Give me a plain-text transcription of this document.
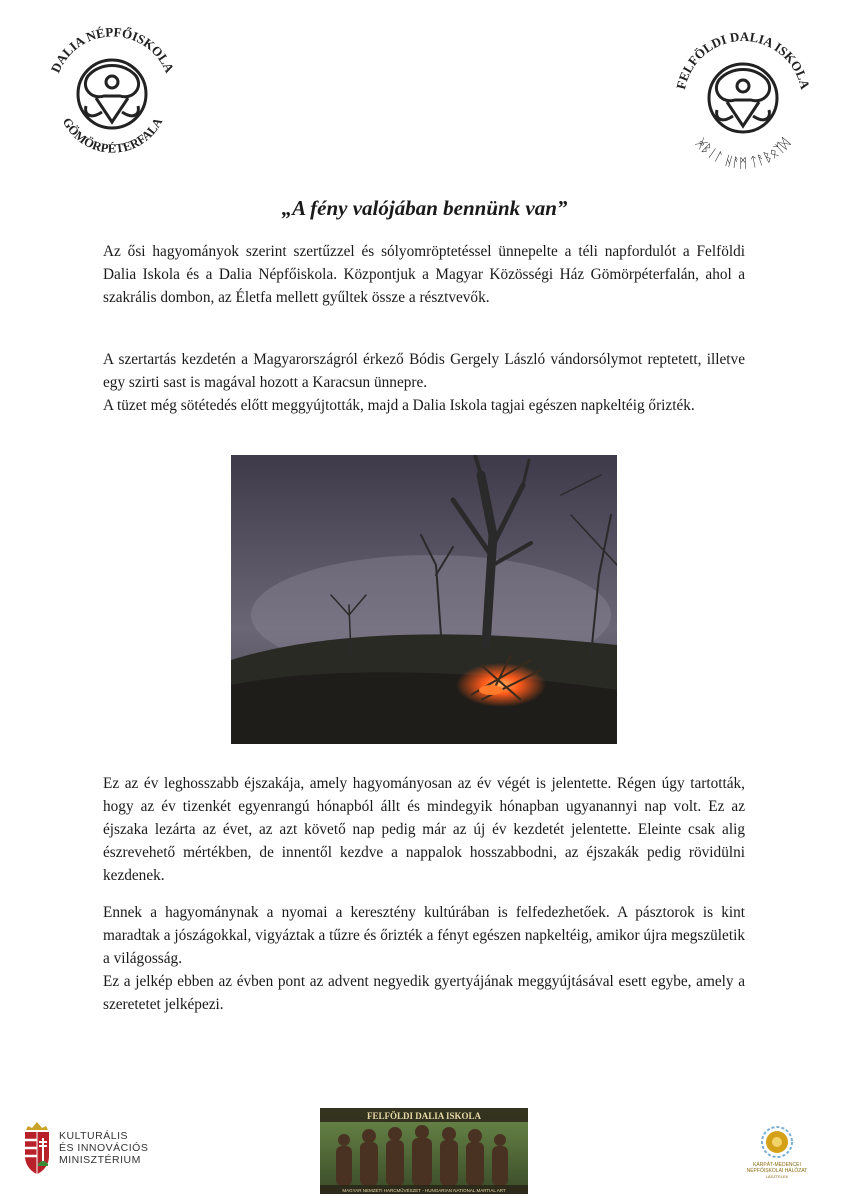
DALIA NÉPFŐISKOLA
GÖMÖRPÉTERFALA
FELFÖLDI DALIA ISKOLA
ᚸᛒᛁᛚ ᚺᚨᛗ ᛏᚨᛒᛟᛉᛞ
„A fény valójában bennünk van”

Az ősi hagyományok szerint szertűzzel és sólyomröptetéssel ünnepelte a téli napfordulót a Felföldi Dalia Iskola és a Dalia Népfőiskola. Központjuk a Magyar Közösségi Ház Gömörpéterfalán, ahol a szakrális dombon, az Életfa mellett gyűltek össze a résztvevők.

A szertartás kezdetén a Magyarországról érkező Bódis Gergely László vándorsólymot reptetett, illetve egy szirti sast is magával hozott a Karacsun ünnepre.
A tüzet még sötétedés előtt meggyújtották, majd a Dalia Iskola tagjai egészen napkeltéig őrizték.

Ez az év leghosszabb éjszakája, amely hagyományosan az év végét is jelentette. Régen úgy tartották, hogy az év tizenkét egyenrangú hónapból állt és mindegyik hónapban ugyanannyi nap volt. Ez az éjszaka lezárta az évet, az azt követő nap pedig már az új év kezdetét jelentette. Eleinte csak alig észrevehető mértékben, de innentől kezdve a nappalok hosszabbodni, az éjszakák pedig rövidülni kezdenek.

Ennek a hagyománynak a nyomai a keresztény kultúrában is felfedezhetőek. A pásztorok is kint maradtak a jószágokkal, vigyáztak a tűzre és őrizték a fényt egészen napkeltéig, amikor újra megszületik a világosság.
Ez a jelkép ebben az évben pont az advent negyedik gyertyájának meggyújtásával esett egybe, amely a szeretetet jelképezi.

KULTURÁLIS
ÉS INNOVÁCIÓS
MINISZTÉRIUM
FELFÖLDI DALIA ISKOLA
MAGYAR NEMZETI HARCMŰVÉSZET - HUNGARIAN NATIONAL MARTIAL ART
KÁRPÁT-MEDENCEI
NÉPFŐISKOLAI HÁLÓZAT
LÁSZTELEK
